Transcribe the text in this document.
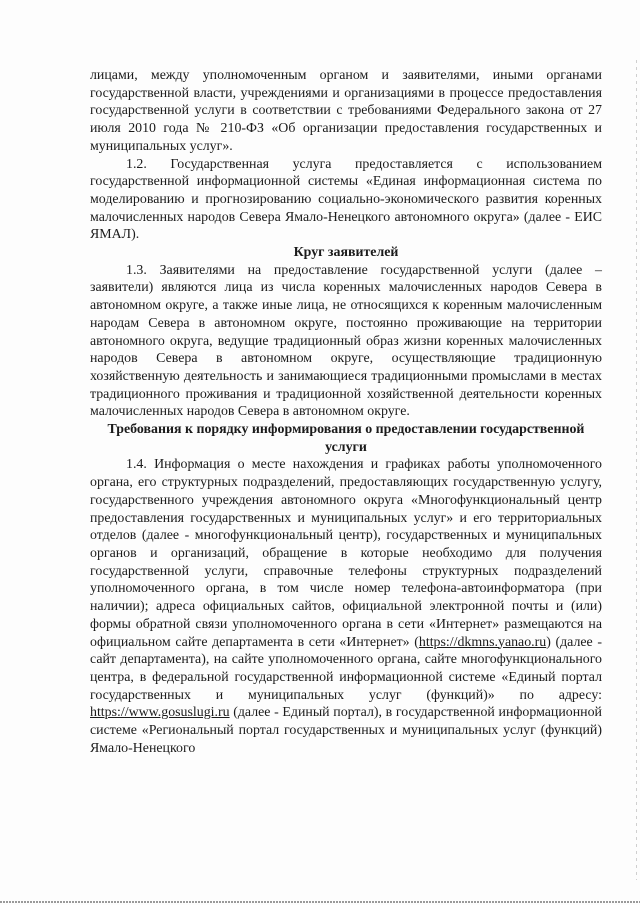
лицами, между уполномоченным органом и заявителями, иными органами государственной власти, учреждениями и организациями в процессе предоставления государственной услуги в соответствии с требованиями Федерального закона от 27 июля 2010 года № 210-ФЗ «Об организации предоставления государственных и муниципальных услуг».

1.2. Государственная услуга предоставляется с использованием государственной информационной системы «Единая информационная система по моделированию и прогнозированию социально-экономического развития коренных малочисленных народов Севера Ямало-Ненецкого автономного округа» (далее - ЕИС ЯМАЛ).

Круг заявителей

1.3. Заявителями на предоставление государственной услуги (далее – заявители) являются лица из числа коренных малочисленных народов Севера в автономном округе, а также иные лица, не относящихся к коренным малочисленным народам Севера в автономном округе, постоянно проживающие на территории автономного округа, ведущие традиционный образ жизни коренных малочисленных народов Севера в автономном округе, осуществляющие традиционную хозяйственную деятельность и занимающиеся традиционными промыслами в местах традиционного проживания и традиционной хозяйственной деятельности коренных малочисленных народов Севера в автономном округе.

Требования к порядку информирования о предоставлении государственной услуги

1.4. Информация о месте нахождения и графиках работы уполномоченного органа, его структурных подразделений, предоставляющих государственную услугу, государственного учреждения автономного округа «Многофункциональный центр предоставления государственных и муниципальных услуг» и его территориальных отделов (далее - многофункциональный центр), государственных и муниципальных органов и организаций, обращение в которые необходимо для получения государственной услуги, справочные телефоны структурных подразделений уполномоченного органа, в том числе номер телефона-автоинформатора (при наличии); адреса официальных сайтов, официальной электронной почты и (или) формы обратной связи уполномоченного органа в сети «Интернет» размещаются на официальном сайте департамента в сети «Интернет» (https://dkmns.yanao.ru) (далее - сайт департамента), на сайте уполномоченного органа, сайте многофункционального центра, в федеральной государственной информационной системе «Единый портал государственных и муниципальных услуг (функций)» по адресу: https://www.gosuslugi.ru (далее - Единый портал), в государственной информационной системе «Региональный портал государственных и муниципальных услуг (функций) Ямало-Ненецкого
